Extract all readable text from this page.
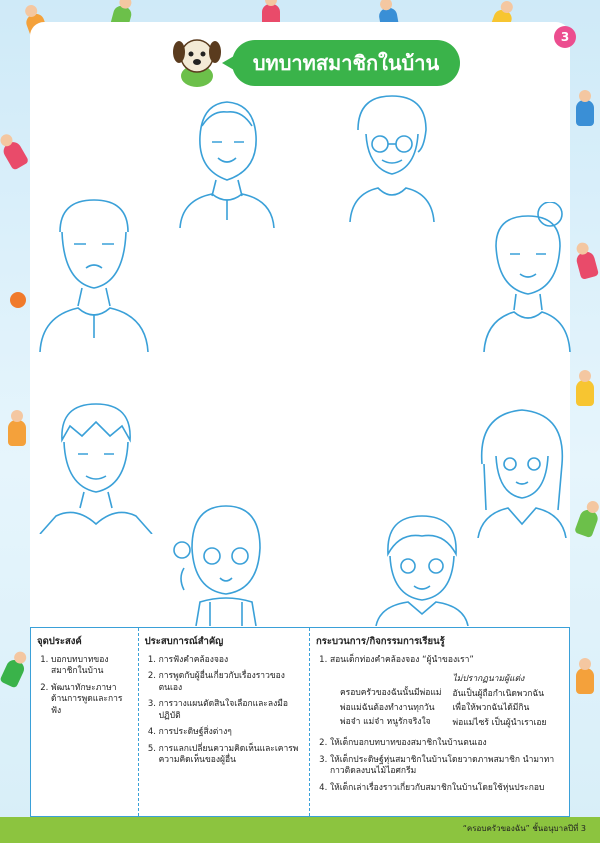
3
บทบาทสมาชิกในบ้าน
จุดประสงค์
1. บอกบทบาทของสมาชิกในบ้าน
2. พัฒนาทักษะภาษาด้านการพูดและการฟัง
ประสบการณ์สำคัญ
1. การฟังคำคล้องจอง
2. การพูดกับผู้อื่นเกี่ยวกับเรื่องราวของตนเอง
3. การวางแผนตัดสินใจเลือกและลงมือปฏิบัติ
4. การประดิษฐ์สิ่งต่างๆ
5. การแลกเปลี่ยนความคิดเห็นและเคารพความคิดเห็นของผู้อื่น
กระบวนการ/กิจกรรมการเรียนรู้
1. สอนเด็กท่องคำคล้องจอง “ผู้นำของเรา”
ครอบครัวของฉันนั้นมีพ่อแม่
พ่อแม่ฉันต้องทำงานทุกวัน
พ่อจ๋า แม่จ๋า หนูรักจริงใจ
ไม่ปรากฏนามผู้แต่ง
อันเป็นผู้ถือกำเนิดพวกฉัน
เพื่อให้พวกฉันได้มีกิน
พ่อแม่ไซร้ เป็นผู้นำเราเอย
2. ให้เด็กบอกบทบาทของสมาชิกในบ้านตนเอง
3. ให้เด็กประดิษฐ์หุ่นสมาชิกในบ้านโดยวาดภาพสมาชิก นำมาทากาวติดลงบนไม้ไอศกรีม
4. ให้เด็กเล่าเรื่องราวเกี่ยวกับสมาชิกในบ้านโดยใช้หุ่นประกอบ
“ครอบครัวของฉัน” ชั้นอนุบาลปีที่ 3
